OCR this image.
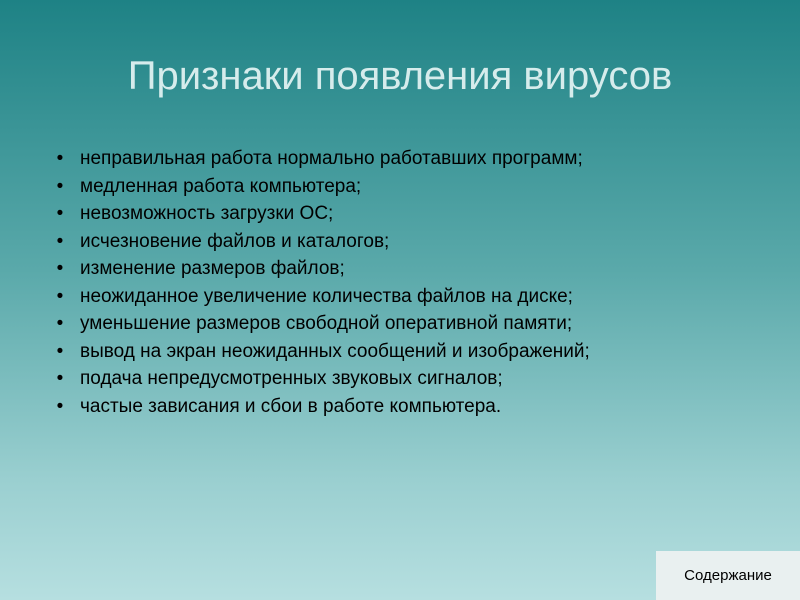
Признаки появления вирусов
• неправильная работа нормально работавших программ;
• медленная работа компьютера;
• невозможность загрузки ОС;
• исчезновение файлов и каталогов;
• изменение размеров файлов;
• неожиданное увеличение количества файлов на диске;
• уменьшение размеров свободной оперативной памяти;
• вывод на экран неожиданных сообщений и изображений;
• подача непредусмотренных звуковых сигналов;
• частые зависания и сбои в работе компьютера.
Содержание
